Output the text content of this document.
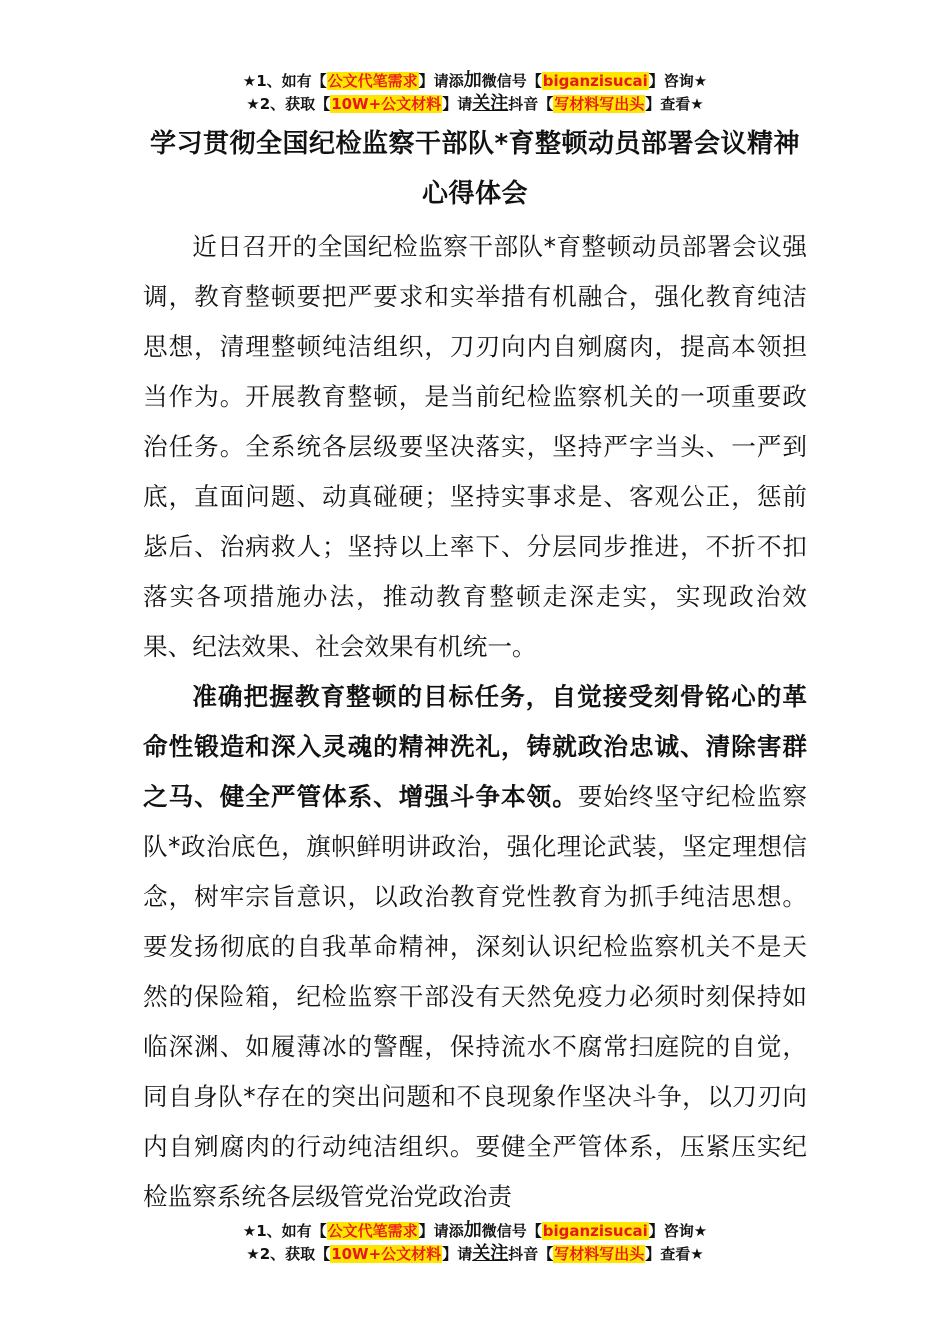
★1、如有【公文代笔需求】请添加微信号【biganzisucai】咨询★
★2、获取【10W+公文材料】请关注抖音【写材料写出头】查看★
学习贯彻全国纪检监察干部队*育整顿动员部署会议精神心得体会

近日召开的全国纪检监察干部队*育整顿动员部署会议强调，教育整顿要把严要求和实举措有机融合，强化教育纯洁思想，清理整顿纯洁组织，刀刃向内自剜腐肉，提高本领担当作为。开展教育整顿，是当前纪检监察机关的一项重要政治任务。全系统各层级要坚决落实，坚持严字当头、一严到底，直面问题、动真碰硬；坚持实事求是、客观公正，惩前毖后、治病救人；坚持以上率下、分层同步推进，不折不扣落实各项措施办法，推动教育整顿走深走实，实现政治效果、纪法效果、社会效果有机统一。

准确把握教育整顿的目标任务，自觉接受刻骨铭心的革命性锻造和深入灵魂的精神洗礼，铸就政治忠诚、清除害群之马、健全严管体系、增强斗争本领。要始终坚守纪检监察队*政治底色，旗帜鲜明讲政治，强化理论武装，坚定理想信念，树牢宗旨意识，以政治教育党性教育为抓手纯洁思想。要发扬彻底的自我革命精神，深刻认识纪检监察机关不是天然的保险箱，纪检监察干部没有天然免疫力必须时刻保持如临深渊、如履薄冰的警醒，保持流水不腐常扫庭院的自觉，同自身队*存在的突出问题和不良现象作坚决斗争，以刀刃向内自剜腐肉的行动纯洁组织。要健全严管体系，压紧压实纪检监察系统各层级管党治党政治责

★1、如有【公文代笔需求】请添加微信号【biganzisucai】咨询★
★2、获取【10W+公文材料】请关注抖音【写材料写出头】查看★
